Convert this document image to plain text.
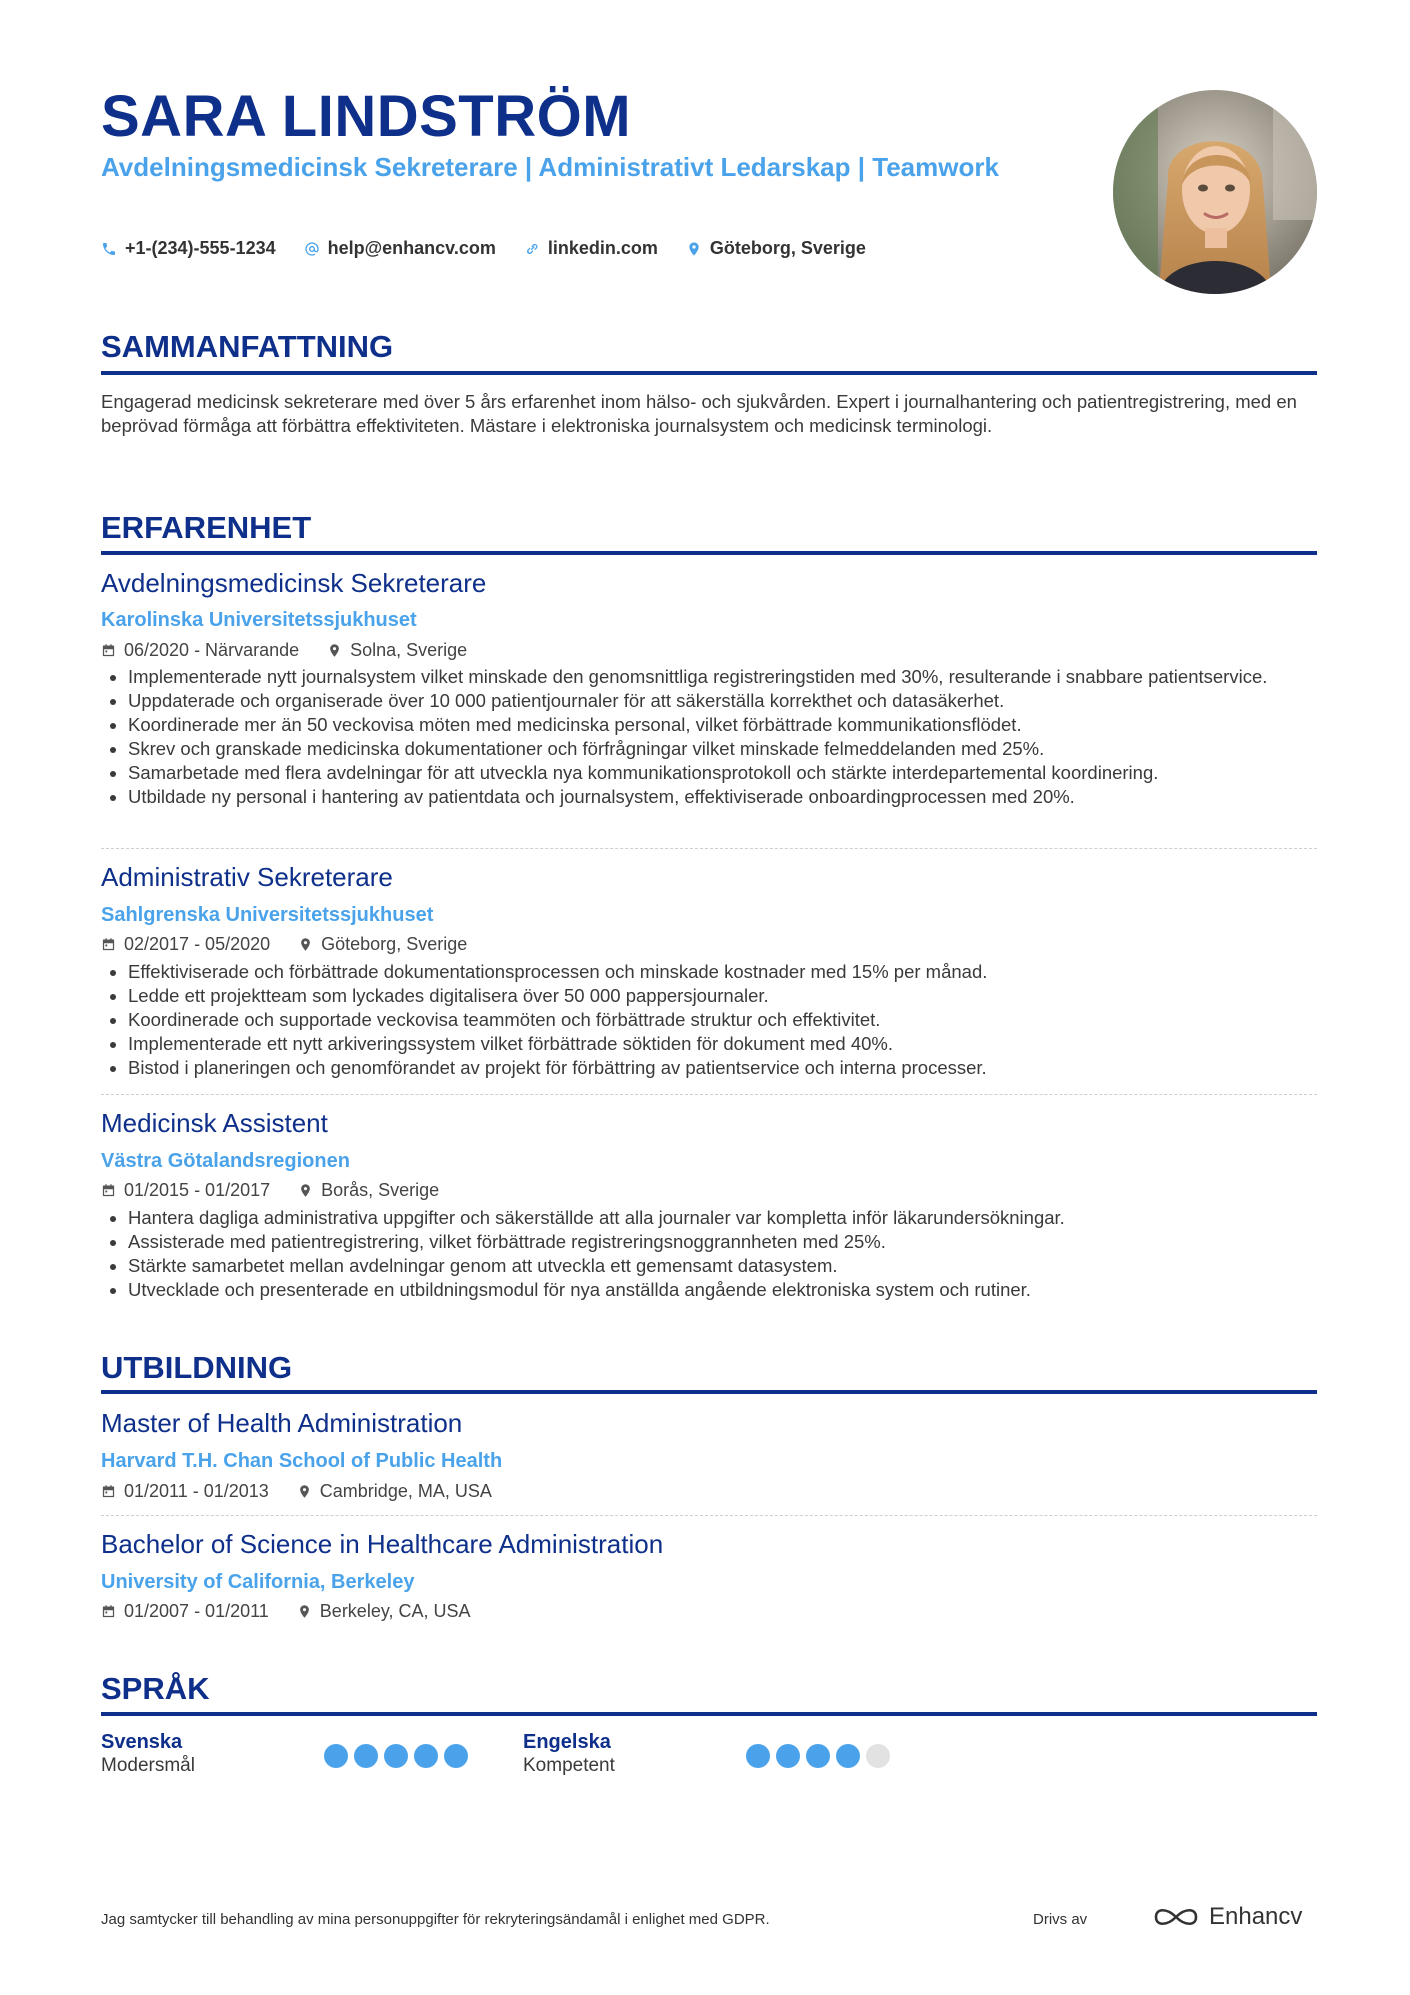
SARA LINDSTRÖM
Avdelningsmedicinsk Sekreterare | Administrativt Ledarskap | Teamwork
+1-(234)-555-1234	help@enhancv.com	linkedin.com	Göteborg, Sverige
SAMMANFATTNING
Engagerad medicinsk sekreterare med över 5 års erfarenhet inom hälso- och sjukvården. Expert i journalhantering och patientregistrering, med en beprövad förmåga att förbättra effektiviteten. Mästare i elektroniska journalsystem och medicinsk terminologi.
ERFARENHET
Avdelningsmedicinsk Sekreterare
Karolinska Universitetssjukhuset
06/2020 - Närvarande	Solna, Sverige
• Implementerade nytt journalsystem vilket minskade den genomsnittliga registreringstiden med 30%, resulterande i snabbare patientservice.
• Uppdaterade och organiserade över 10 000 patientjournaler för att säkerställa korrekthet och datasäkerhet.
• Koordinerade mer än 50 veckovisa möten med medicinska personal, vilket förbättrade kommunikationsflödet.
• Skrev och granskade medicinska dokumentationer och förfrågningar vilket minskade felmeddelanden med 25%.
• Samarbetade med flera avdelningar för att utveckla nya kommunikationsprotokoll och stärkte interdepartemental koordinering.
• Utbildade ny personal i hantering av patientdata och journalsystem, effektiviserade onboardingprocessen med 20%.
Administrativ Sekreterare
Sahlgrenska Universitetssjukhuset
02/2017 - 05/2020	Göteborg, Sverige
• Effektiviserade och förbättrade dokumentationsprocessen och minskade kostnader med 15% per månad.
• Ledde ett projektteam som lyckades digitalisera över 50 000 pappersjournaler.
• Koordinerade och supportade veckovisa teammöten och förbättrade struktur och effektivitet.
• Implementerade ett nytt arkiveringssystem vilket förbättrade söktiden för dokument med 40%.
• Bistod i planeringen och genomförandet av projekt för förbättring av patientservice och interna processer.
Medicinsk Assistent
Västra Götalandsregionen
01/2015 - 01/2017	Borås, Sverige
• Hantera dagliga administrativa uppgifter och säkerställde att alla journaler var kompletta inför läkarundersökningar.
• Assisterade med patientregistrering, vilket förbättrade registreringsnoggrannheten med 25%.
• Stärkte samarbetet mellan avdelningar genom att utveckla ett gemensamt datasystem.
• Utvecklade och presenterade en utbildningsmodul för nya anställda angående elektroniska system och rutiner.
UTBILDNING
Master of Health Administration
Harvard T.H. Chan School of Public Health
01/2011 - 01/2013	Cambridge, MA, USA
Bachelor of Science in Healthcare Administration
University of California, Berkeley
01/2007 - 01/2011	Berkeley, CA, USA
SPRÅK
Svenska
Modersmål
Engelska
Kompetent
Jag samtycker till behandling av mina personuppgifter för rekryteringsändamål i enlighet med GDPR.	Drivs av	Enhancv
